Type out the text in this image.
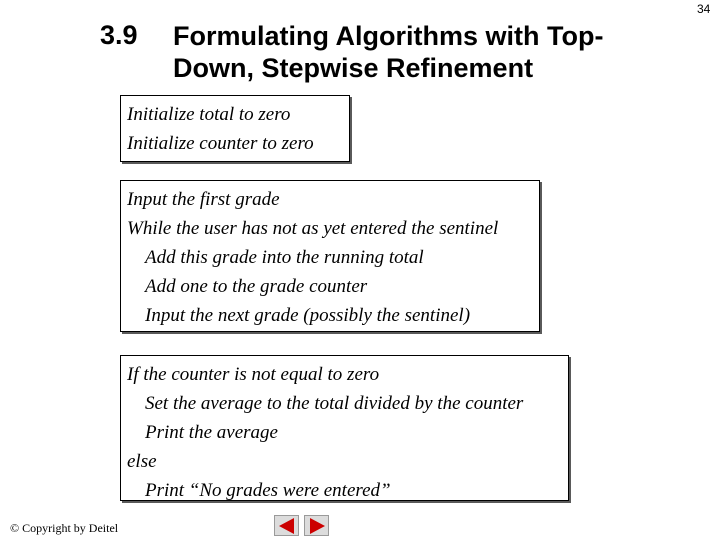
34
3.9 Formulating Algorithms with Top-Down, Stepwise Refinement
Initialize total to zero
Initialize counter to zero
Input the first grade
While the user has not as yet entered the sentinel
Add this grade into the running total
Add one to the grade counter
Input the next grade (possibly the sentinel)
If the counter is not equal to zero
Set the average to the total divided by the counter
Print the average
else
Print “No grades were entered”
© Copyright by Deitel
